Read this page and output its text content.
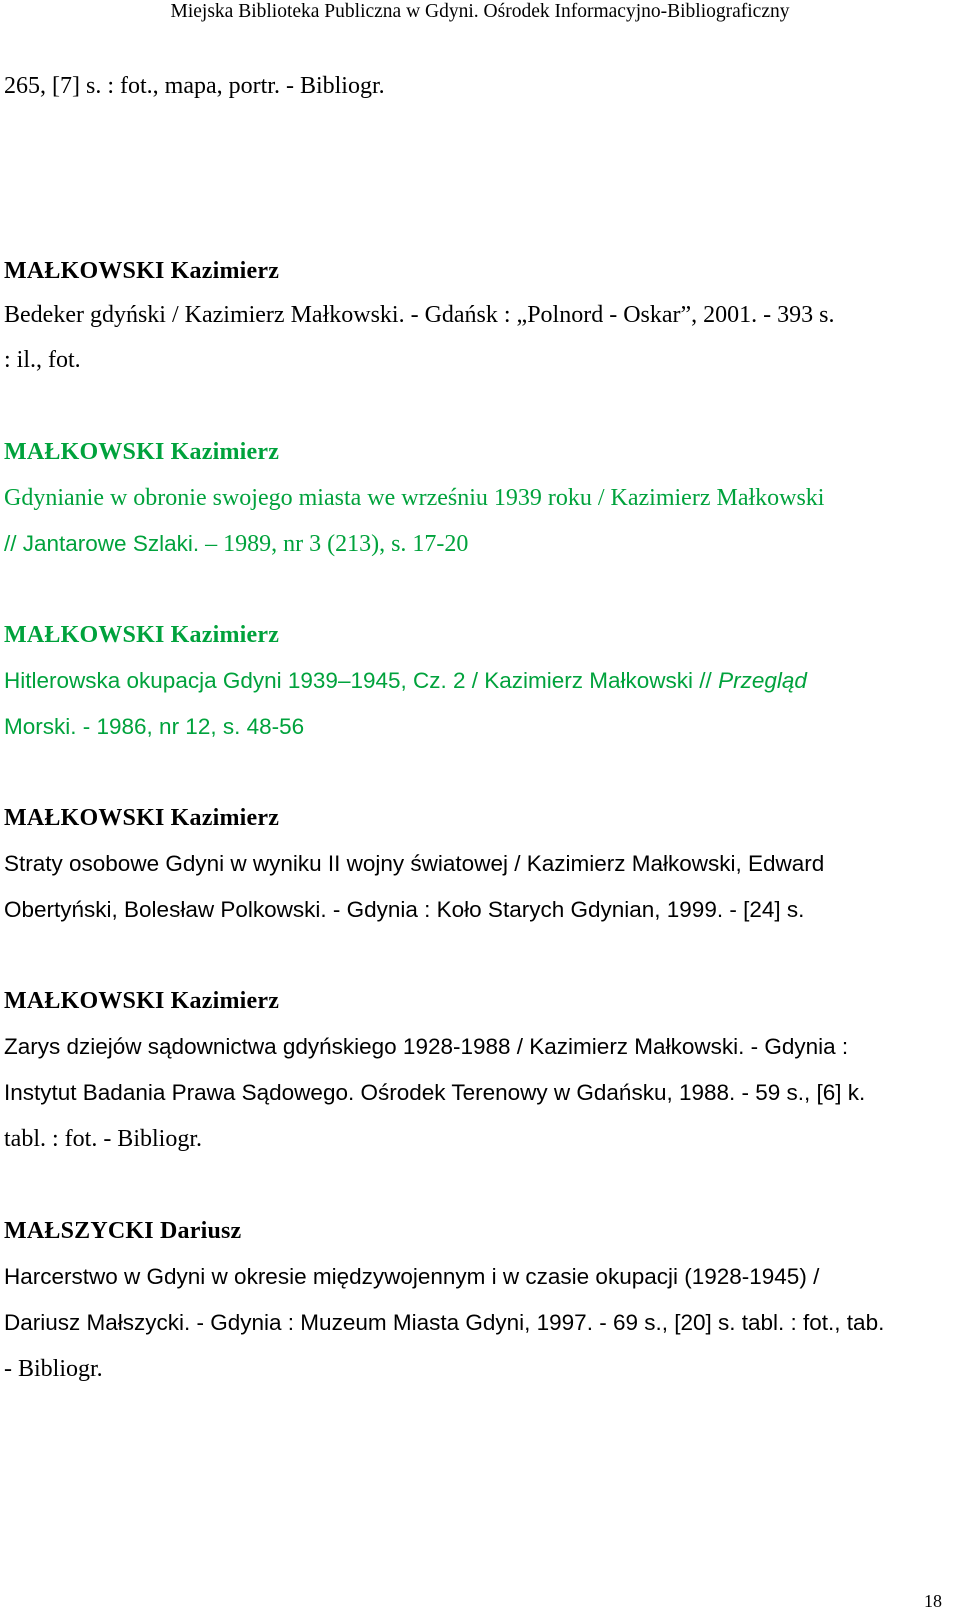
Miejska Biblioteka Publiczna w Gdyni. Ośrodek Informacyjno-Bibliograficzny
265, [7] s. : fot., mapa, portr. - Bibliogr.
MAŁKOWSKI Kazimierz
Bedeker gdyński / Kazimierz Małkowski. - Gdańsk : „Polnord - Oskar”, 2001. - 393 s.
: il., fot.
MAŁKOWSKI Kazimierz
Gdynianie w obronie swojego miasta we wrześniu 1939 roku / Kazimierz Małkowski
// Jantarowe Szlaki. – 1989, nr 3 (213), s. 17-20
MAŁKOWSKI Kazimierz
Hitlerowska okupacja Gdyni 1939–1945, Cz. 2 / Kazimierz Małkowski // Przegląd
Morski. - 1986, nr 12, s. 48-56
MAŁKOWSKI Kazimierz
Straty osobowe Gdyni w wyniku II wojny światowej / Kazimierz Małkowski, Edward
Obertyński, Bolesław Polkowski. - Gdynia : Koło Starych Gdynian, 1999. - [24] s.
MAŁKOWSKI Kazimierz
Zarys dziejów sądownictwa gdyńskiego 1928-1988 / Kazimierz Małkowski. - Gdynia :
Instytut Badania Prawa Sądowego. Ośrodek Terenowy w Gdańsku, 1988. - 59 s., [6] k.
tabl. : fot. - Bibliogr.
MAŁSZYCKI Dariusz
Harcerstwo w Gdyni w okresie międzywojennym i w czasie okupacji (1928-1945) /
Dariusz Małszycki. - Gdynia : Muzeum Miasta Gdyni, 1997. - 69 s., [20] s. tabl. : fot., tab.
- Bibliogr.
18
